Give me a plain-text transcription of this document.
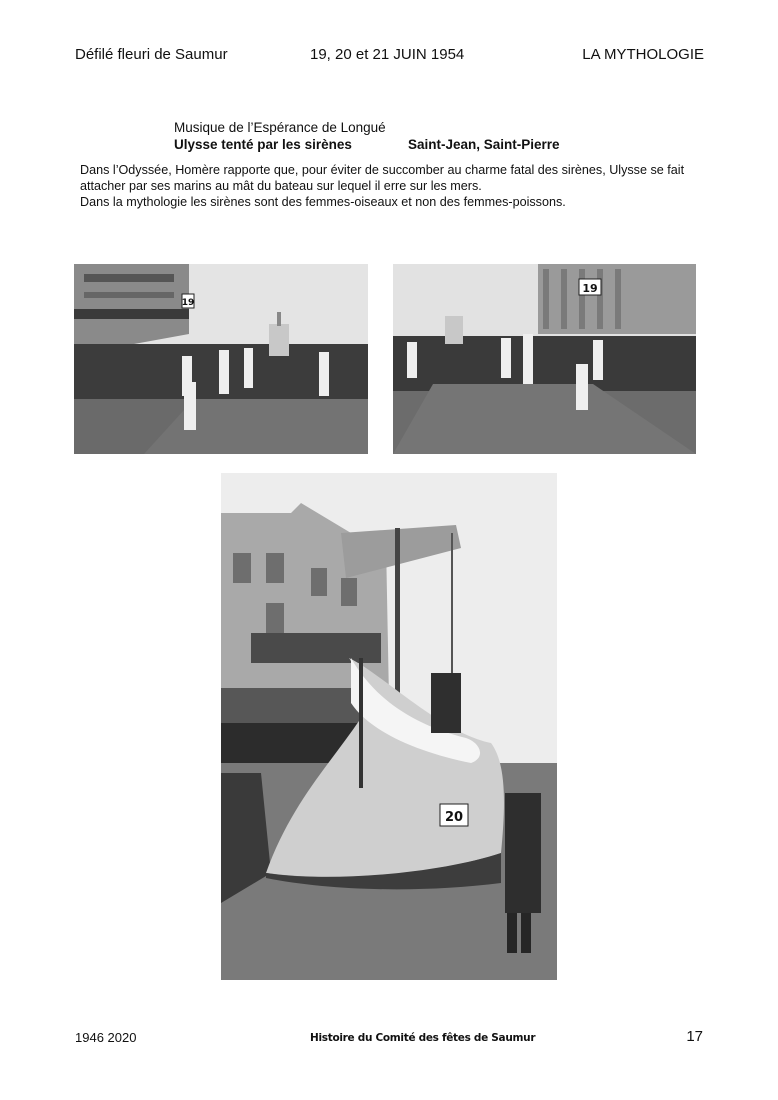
Défilé fleuri de Saumur	19, 20 et 21 JUIN 1954	LA MYTHOLOGIE
Musique de l’Espérance de Longué
Ulysse tenté par les sirènes	Saint-Jean, Saint-Pierre

Dans l’Odyssée, Homère rapporte que, pour éviter de succomber au charme fatal des sirènes, Ulysse se fait attacher par ses marins au mât du bateau sur lequel il erre sur les mers.

Dans la mythologie les sirènes sont des femmes-oiseaux et non des femmes-poissons.

19
19
20
1946 2020	Histoire du Comité des fêtes de Saumur	17
